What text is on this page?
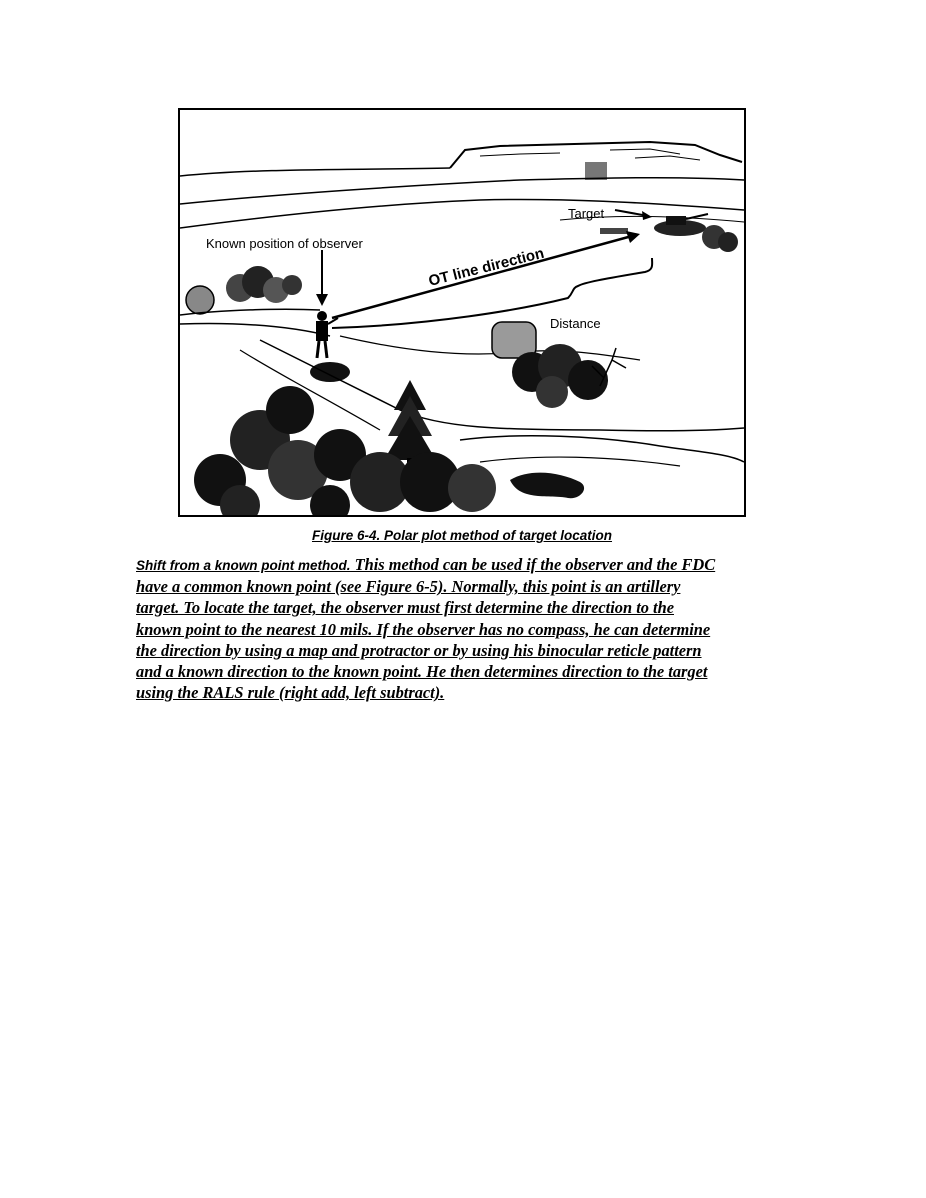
Target
Known position of observer
OT line direction
Distance
Figure 6-4. Polar plot method of target location
Shift from a known point method. This method can be used if the observer and the FDC
have a common known point (see Figure 6-5). Normally, this point is an artillery
target. To locate the target, the observer must first determine the direction to the
known point to the nearest 10 mils. If the observer has no compass, he can determine
the direction by using a map and protractor or by using his binocular reticle pattern
and a known direction to the known point. He then determines direction to the target
using the RALS rule (right add, left subtract).
